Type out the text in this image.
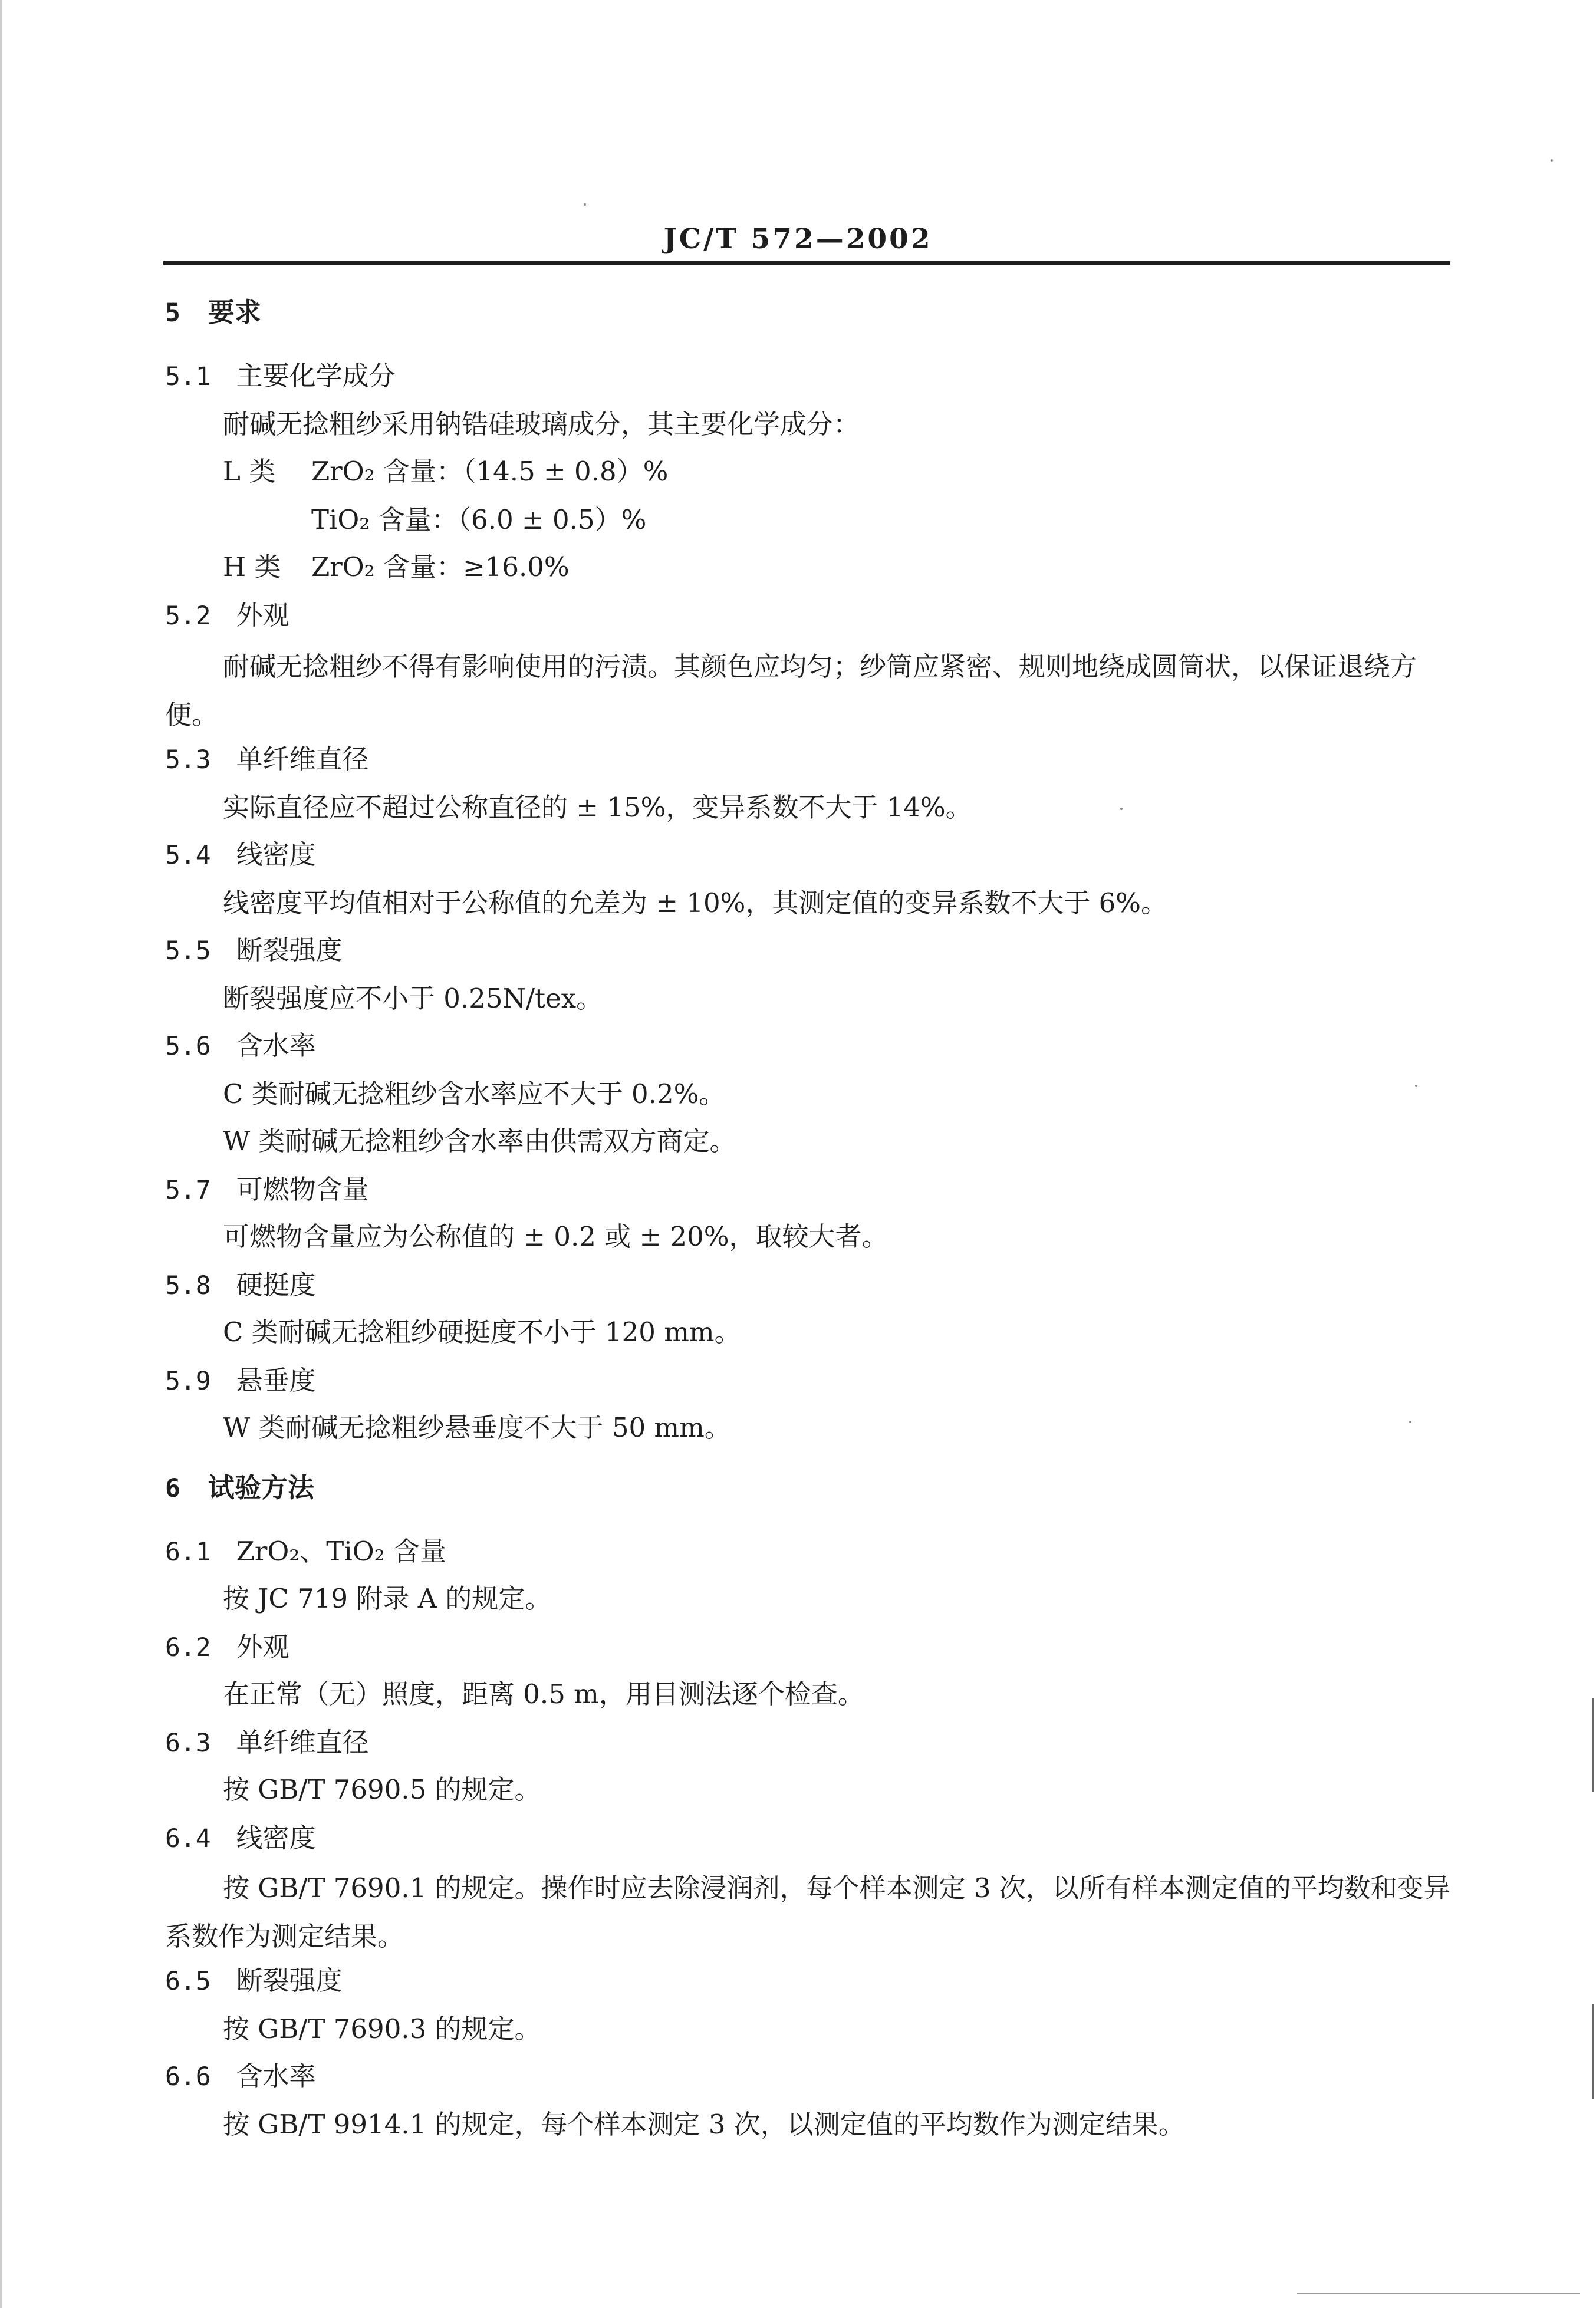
JC/T 572—2002
5 要求
5.1 主要化学成分
耐碱无捻粗纱采用钠锆硅玻璃成分，其主要化学成分：
L 类 ZrO₂ 含量：（14.5 ± 0.8）%
TiO₂ 含量：（6.0 ± 0.5）%
H 类 ZrO₂ 含量：≥16.0%
5.2 外观
耐碱无捻粗纱不得有影响使用的污渍。其颜色应均匀；纱筒应紧密、规则地绕成圆筒状，以保证退绕方便。
5.3 单纤维直径
实际直径应不超过公称直径的 ± 15%，变异系数不大于 14%。
5.4 线密度
线密度平均值相对于公称值的允差为 ± 10%，其测定值的变异系数不大于 6%。
5.5 断裂强度
断裂强度应不小于 0.25N/tex。
5.6 含水率
C 类耐碱无捻粗纱含水率应不大于 0.2%。
W 类耐碱无捻粗纱含水率由供需双方商定。
5.7 可燃物含量
可燃物含量应为公称值的 ± 0.2 或 ± 20%，取较大者。
5.8 硬挺度
C 类耐碱无捻粗纱硬挺度不小于 120 mm。
5.9 悬垂度
W 类耐碱无捻粗纱悬垂度不大于 50 mm。
6 试验方法
6.1 ZrO₂、TiO₂ 含量
按 JC 719 附录 A 的规定。
6.2 外观
在正常（无）照度，距离 0.5 m，用目测法逐个检查。
6.3 单纤维直径
按 GB/T 7690.5 的规定。
6.4 线密度
按 GB/T 7690.1 的规定。操作时应去除浸润剂，每个样本测定 3 次，以所有样本测定值的平均数和变异系数作为测定结果。
6.5 断裂强度
按 GB/T 7690.3 的规定。
6.6 含水率
按 GB/T 9914.1 的规定，每个样本测定 3 次，以测定值的平均数作为测定结果。
